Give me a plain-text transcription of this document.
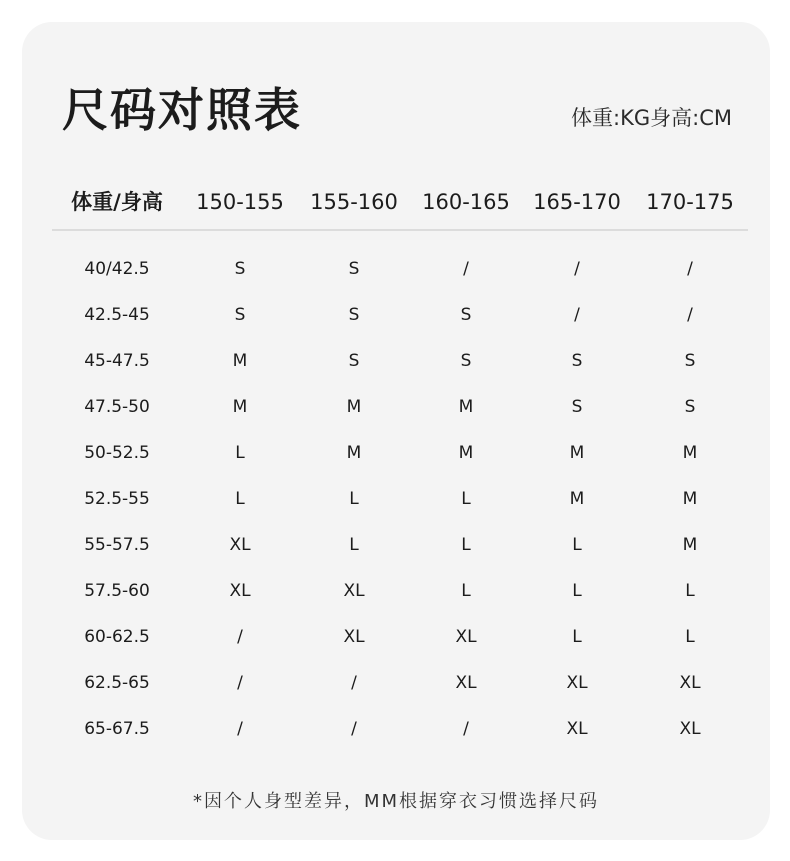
尺码对照表	体重:KG身高:CM
体重/身高	150-155	155-160	160-165	165-170	170-175
40/42.5	S	S	/	/	/
42.5-45	S	S	S	/	/
45-47.5	M	S	S	S	S
47.5-50	M	M	M	S	S
50-52.5	L	M	M	M	M
52.5-55	L	L	L	M	M
55-57.5	XL	L	L	L	M
57.5-60	XL	XL	L	L	L
60-62.5	/	XL	XL	L	L
62.5-65	/	/	XL	XL	XL
65-67.5	/	/	/	XL	XL
*因个人身型差异，MM根据穿衣习惯选择尺码
